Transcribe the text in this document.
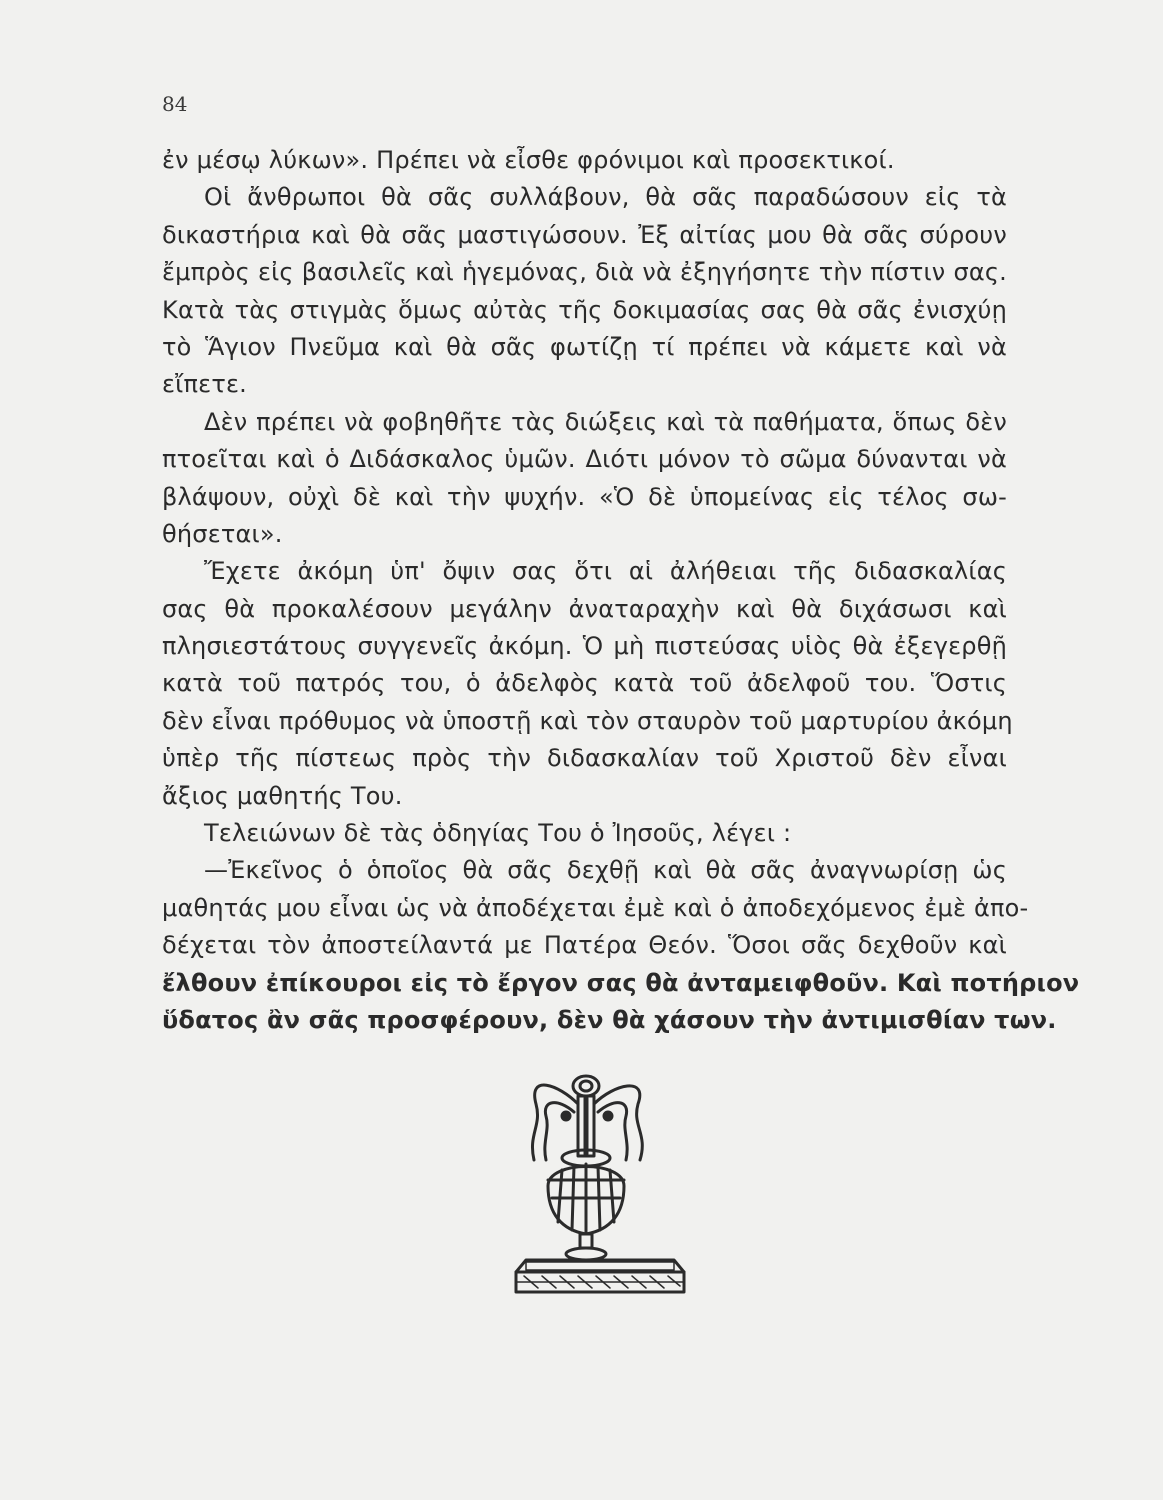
84
ἐν μέσῳ λύκων». Πρέπει νὰ εἶσθε φρόνιμοι καὶ προσεκτικοί.
Οἱ ἄνθρωποι θὰ σᾶς συλλάβουν, θὰ σᾶς παραδώσουν εἰς τὰ
δικαστήρια καὶ θὰ σᾶς μαστιγώσουν. Ἐξ αἰτίας μου θὰ σᾶς σύρουν
ἔμπρὸς εἰς βασιλεῖς καὶ ἡγεμόνας, διὰ νὰ ἐξηγήσητε τὴν πίστιν σας.
Κατὰ τὰς στιγμὰς ὅμως αὐτὰς τῆς δοκιμασίας σας θὰ σᾶς ἐνισχύῃ
τὸ Ἅγιον Πνεῦμα καὶ θὰ σᾶς φωτίζῃ τί πρέπει νὰ κάμετε καὶ νὰ
εἴπετε.
Δὲν πρέπει νὰ φοβηθῆτε τὰς διώξεις καὶ τὰ παθήματα, ὅπως δὲν
πτοεῖται καὶ ὁ Διδάσκαλος ὑμῶν. Διότι μόνον τὸ σῶμα δύνανται νὰ
βλάψουν, οὐχὶ δὲ καὶ τὴν ψυχήν. «Ὁ δὲ ὑπομείνας εἰς τέλος σω-
θήσεται».
Ἔχετε ἀκόμη ὑπ' ὄψιν σας ὅτι αἱ ἀλήθειαι τῆς διδασκαλίας
σας θὰ προκαλέσουν μεγάλην ἀναταραχὴν καὶ θὰ διχάσωσι καὶ
πλησιεστάτους συγγενεῖς ἀκόμη. Ὁ μὴ πιστεύσας υἱὸς θὰ ἐξεγερθῇ
κατὰ τοῦ πατρός του, ὁ ἀδελφὸς κατὰ τοῦ ἀδελφοῦ του. Ὅστις
δὲν εἶναι πρόθυμος νὰ ὑποστῇ καὶ τὸν σταυρὸν τοῦ μαρτυρίου ἀκόμη
ὑπὲρ τῆς πίστεως πρὸς τὴν διδασκαλίαν τοῦ Χριστοῦ δὲν εἶναι
ἄξιος μαθητής Του.
Τελειώνων δὲ τὰς ὁδηγίας Του ὁ Ἰησοῦς, λέγει :
—Ἐκεῖνος ὁ ὁποῖος θὰ σᾶς δεχθῇ καὶ θὰ σᾶς ἀναγνωρίσῃ ὡς
μαθητάς μου εἶναι ὡς νὰ ἀποδέχεται ἐμὲ καὶ ὁ ἀποδεχόμενος ἐμὲ ἀπο-
δέχεται τὸν ἀποστείλαντά με Πατέρα Θεόν. Ὅσοι σᾶς δεχθοῦν καὶ
ἔλθουν ἐπίκουροι εἰς τὸ ἔργον σας θὰ ἀνταμειφθοῦν. Καὶ ποτήριον
ὕδατος ἂν σᾶς προσφέρουν, δὲν θὰ χάσουν τὴν ἀντιμισθίαν των.
